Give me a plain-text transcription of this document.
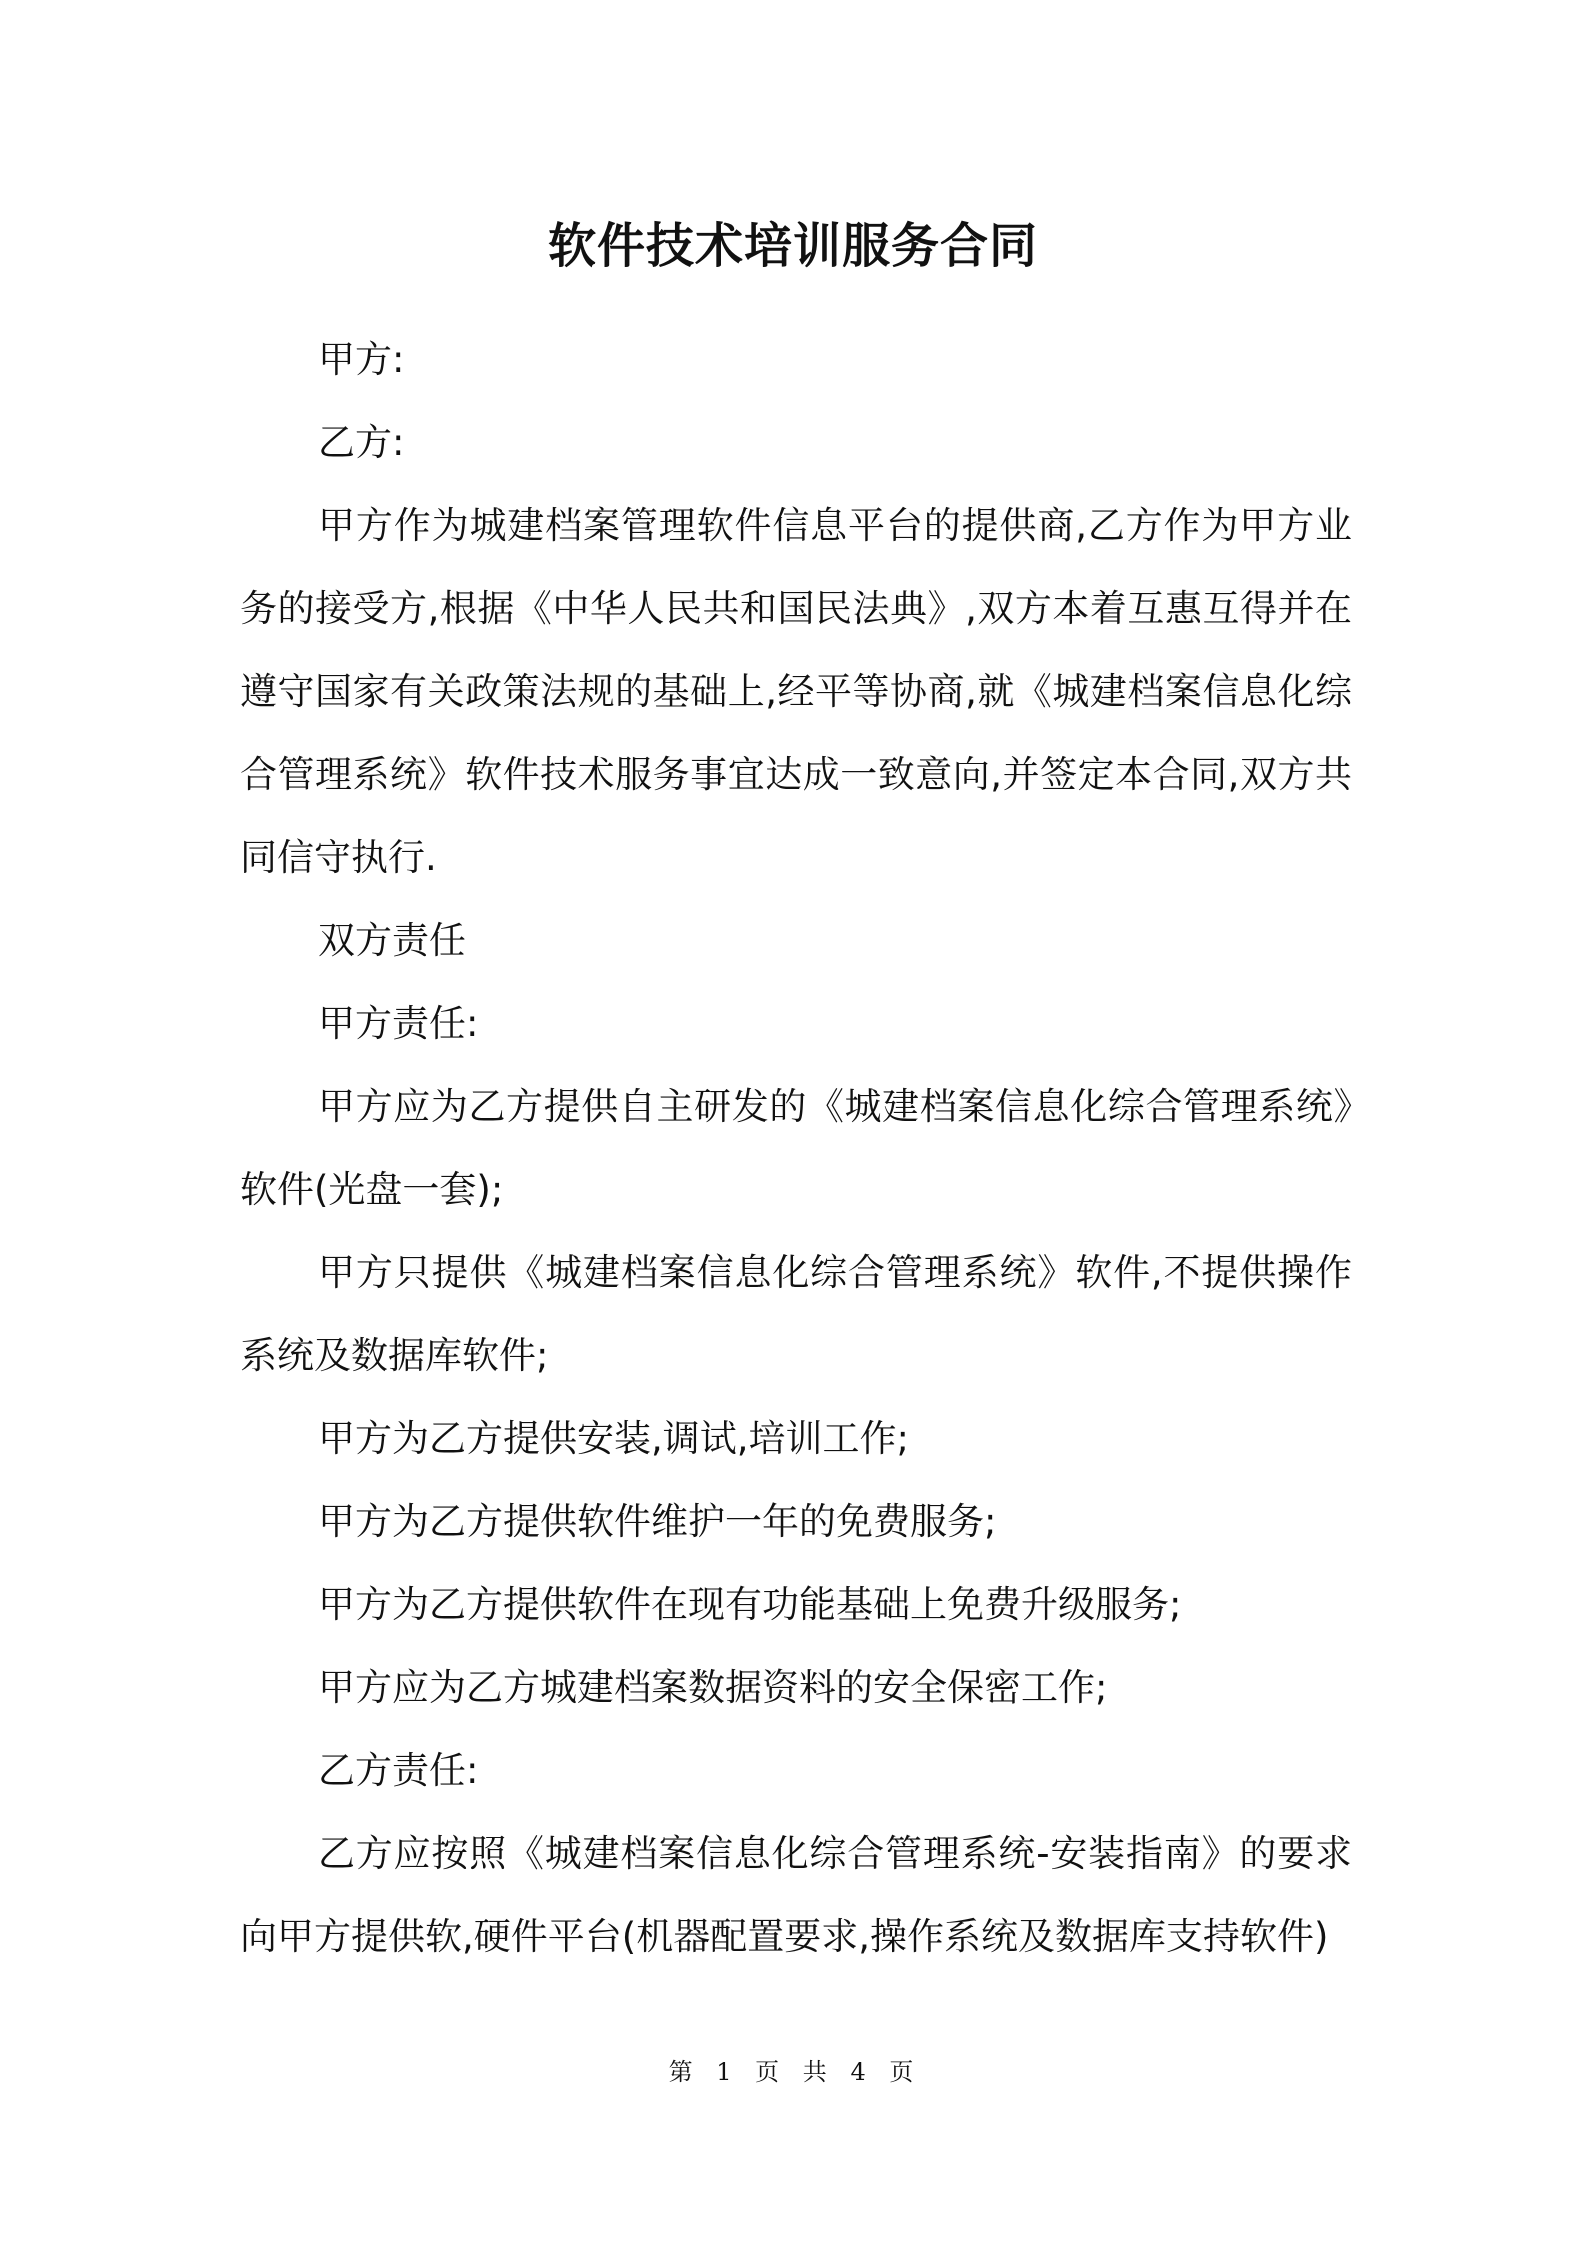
软件技术培训服务合同

甲方:

乙方:

甲方作为城建档案管理软件信息平台的提供商,乙方作为甲方业务的接受方,根据《中华人民共和国民法典》,双方本着互惠互得并在遵守国家有关政策法规的基础上,经平等协商,就《城建档案信息化综合管理系统》软件技术服务事宜达成一致意向,并签定本合同,双方共同信守执行.

双方责任

甲方责任:

甲方应为乙方提供自主研发的《城建档案信息化综合管理系统》软件(光盘一套);

甲方只提供《城建档案信息化综合管理系统》软件,不提供操作系统及数据库软件;

甲方为乙方提供安装,调试,培训工作;

甲方为乙方提供软件维护一年的免费服务;

甲方为乙方提供软件在现有功能基础上免费升级服务;

甲方应为乙方城建档案数据资料的安全保密工作;

乙方责任:

乙方应按照《城建档案信息化综合管理系统-安装指南》的要求向甲方提供软,硬件平台(机器配置要求,操作系统及数据库支持软件)

第 1 页 共 4 页
